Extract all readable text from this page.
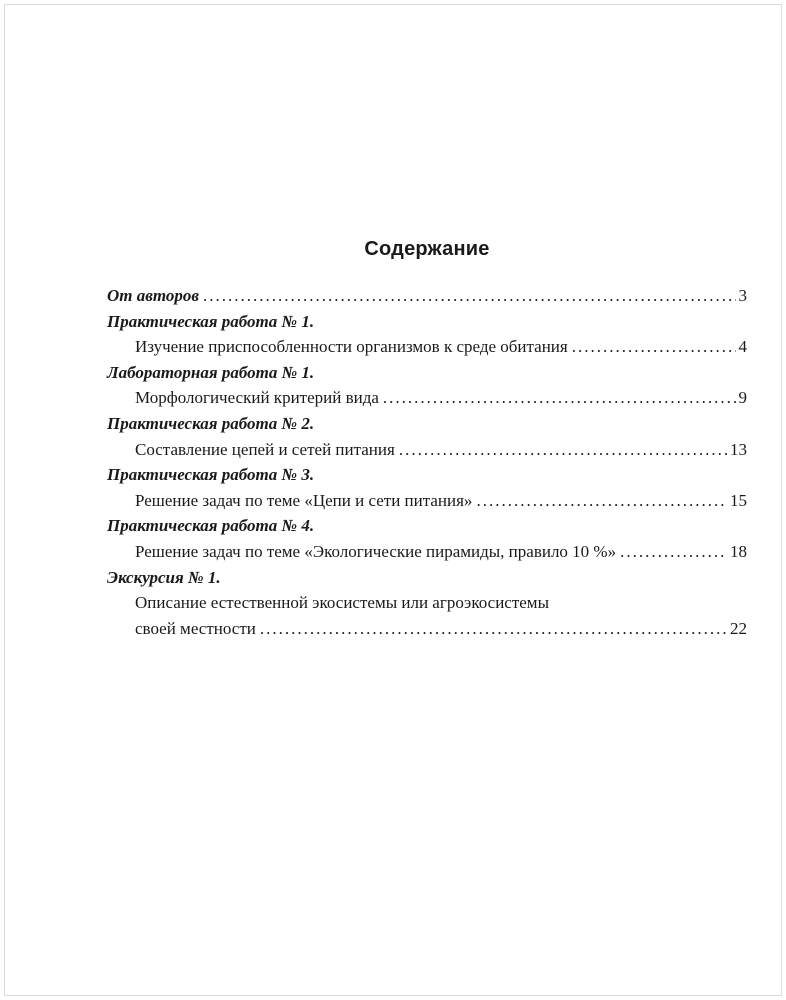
Содержание
От авторов .....	3
Практическая работа № 1.
Изучение приспособленности организмов к среде обитания .....	4
Лабораторная работа № 1.
Морфологический критерий вида .....	9
Практическая работа № 2.
Составление цепей и сетей питания .....	13
Практическая работа № 3.
Решение задач по теме «Цепи и сети питания» .....	15
Практическая работа № 4.
Решение задач по теме «Экологические пирамиды, правило 10 %» .....	18
Экскурсия № 1.
Описание естественной экосистемы или агроэкосистемы
своей местности .....	22
